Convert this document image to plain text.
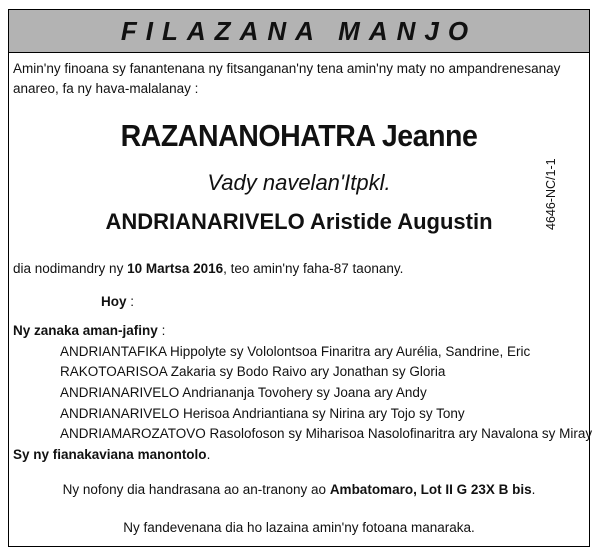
FILAZANA MANJO
Amin'ny finoana sy fanantenana ny fitsanganan'ny tena amin'ny maty no ampandrenesanay anareo, fa ny hava-malalanay :
RAZANANOHATRA Jeanne
Vady navelan'Itpkl.
ANDRIANARIVELO Aristide Augustin
dia nodimandry ny 10 Martsa 2016, teo amin'ny faha-87 taonany.
Hoy :
Ny zanaka aman-jafiny :
ANDRIANTAFIKA Hippolyte sy Vololontsoa Finaritra ary Aurélia, Sandrine, Eric
RAKOTOARISOA Zakaria sy Bodo Raivo ary Jonathan sy Gloria
ANDRIANARIVELO Andriananja Tovohery sy Joana ary Andy
ANDRIANARIVELO Herisoa Andriantiana sy Nirina ary Tojo sy Tony
ANDRIAMAROZATOVO Rasolofoson sy Miharisoa Nasolofinaritra ary Navalona sy Miray
Sy ny fianakaviana manontolo.
Ny nofony dia handrasana ao an-tranony ao Ambatomaro, Lot II G 23X B bis.
Ny fandevenana dia ho lazaina amin'ny fotoana manaraka.
4646-NC/1-1
